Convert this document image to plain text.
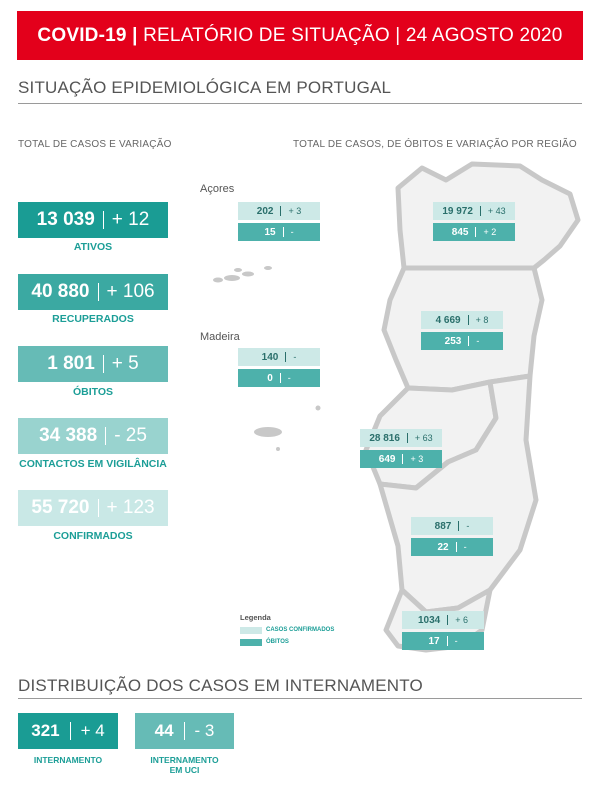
COVID-19 |
RELATÓRIO DE SITUAÇÃO | 24 AGOSTO 2020
SITUAÇÃO EPIDEMIOLÓGICA EM PORTUGAL
TOTAL DE CASOS E VARIAÇÃO	TOTAL DE CASOS, DE ÓBITOS E VARIAÇÃO POR REGIÃO
13 039 + 12
ATIVOS
40 880 + 106
RECUPERADOS
1 801 + 5
ÓBITOS
34 388 - 25
CONTACTOS EM VIGILÂNCIA
55 720 + 123
CONFIRMADOS
Açores
Madeira
202 + 3
15 -
140 -
0 -
19 972 + 43
845 + 2
4 669 + 8
253 -
28 816 + 63
649 + 3
887 -
22 -
1034 + 6
17 -
Legenda
CASOS CONFIRMADOS
ÓBITOS
DISTRIBUIÇÃO DOS CASOS EM INTERNAMENTO
321 + 4
INTERNAMENTO
44 - 3
INTERNAMENTO
EM UCI
